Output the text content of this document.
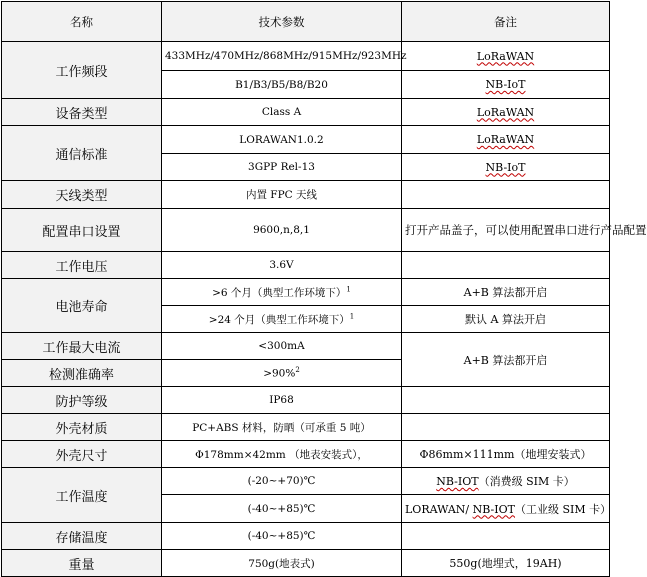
名称	技术参数	备注
工作频段	433MHz/470MHz/868MHz/915MHz/923MHz	LoRaWAN
	B1/B3/B5/B8/B20	NB-IoT
设备类型	Class A	LoRaWAN
通信标准	LORAWAN1.0.2	LoRaWAN
	3GPP Rel-13	NB-IoT
天线类型	内置 FPC 天线	
配置串口设置	9600,n,8,1	打开产品盖子，可以使用配置串口进行产品配置
工作电压	3.6V	
电池寿命	>6 个月（典型工作环境下）$^1$	A+B 算法都开启
	>24 个月（典型工作环境下）$^1$	默认 A 算法开启
工作最大电流	<300mA	A+B 算法都开启
检测准确率	>90%$^2$
防护等级	IP68	
外壳材质	PC+ABS 材料，防晒（可承重 5 吨）	
外壳尺寸	Φ178mm×42mm （地表安装式），	Φ86mm×111mm（地埋安装式）
工作温度	(-20~+70)℃	NB-IOT（消费级 SIM 卡）
	(-40~+85)℃	LORAWAN/ NB-IOT（工业级 SIM 卡）
存储温度	(-40~+85)℃	
重量	750g(地表式)	550g(地埋式，19AH)
